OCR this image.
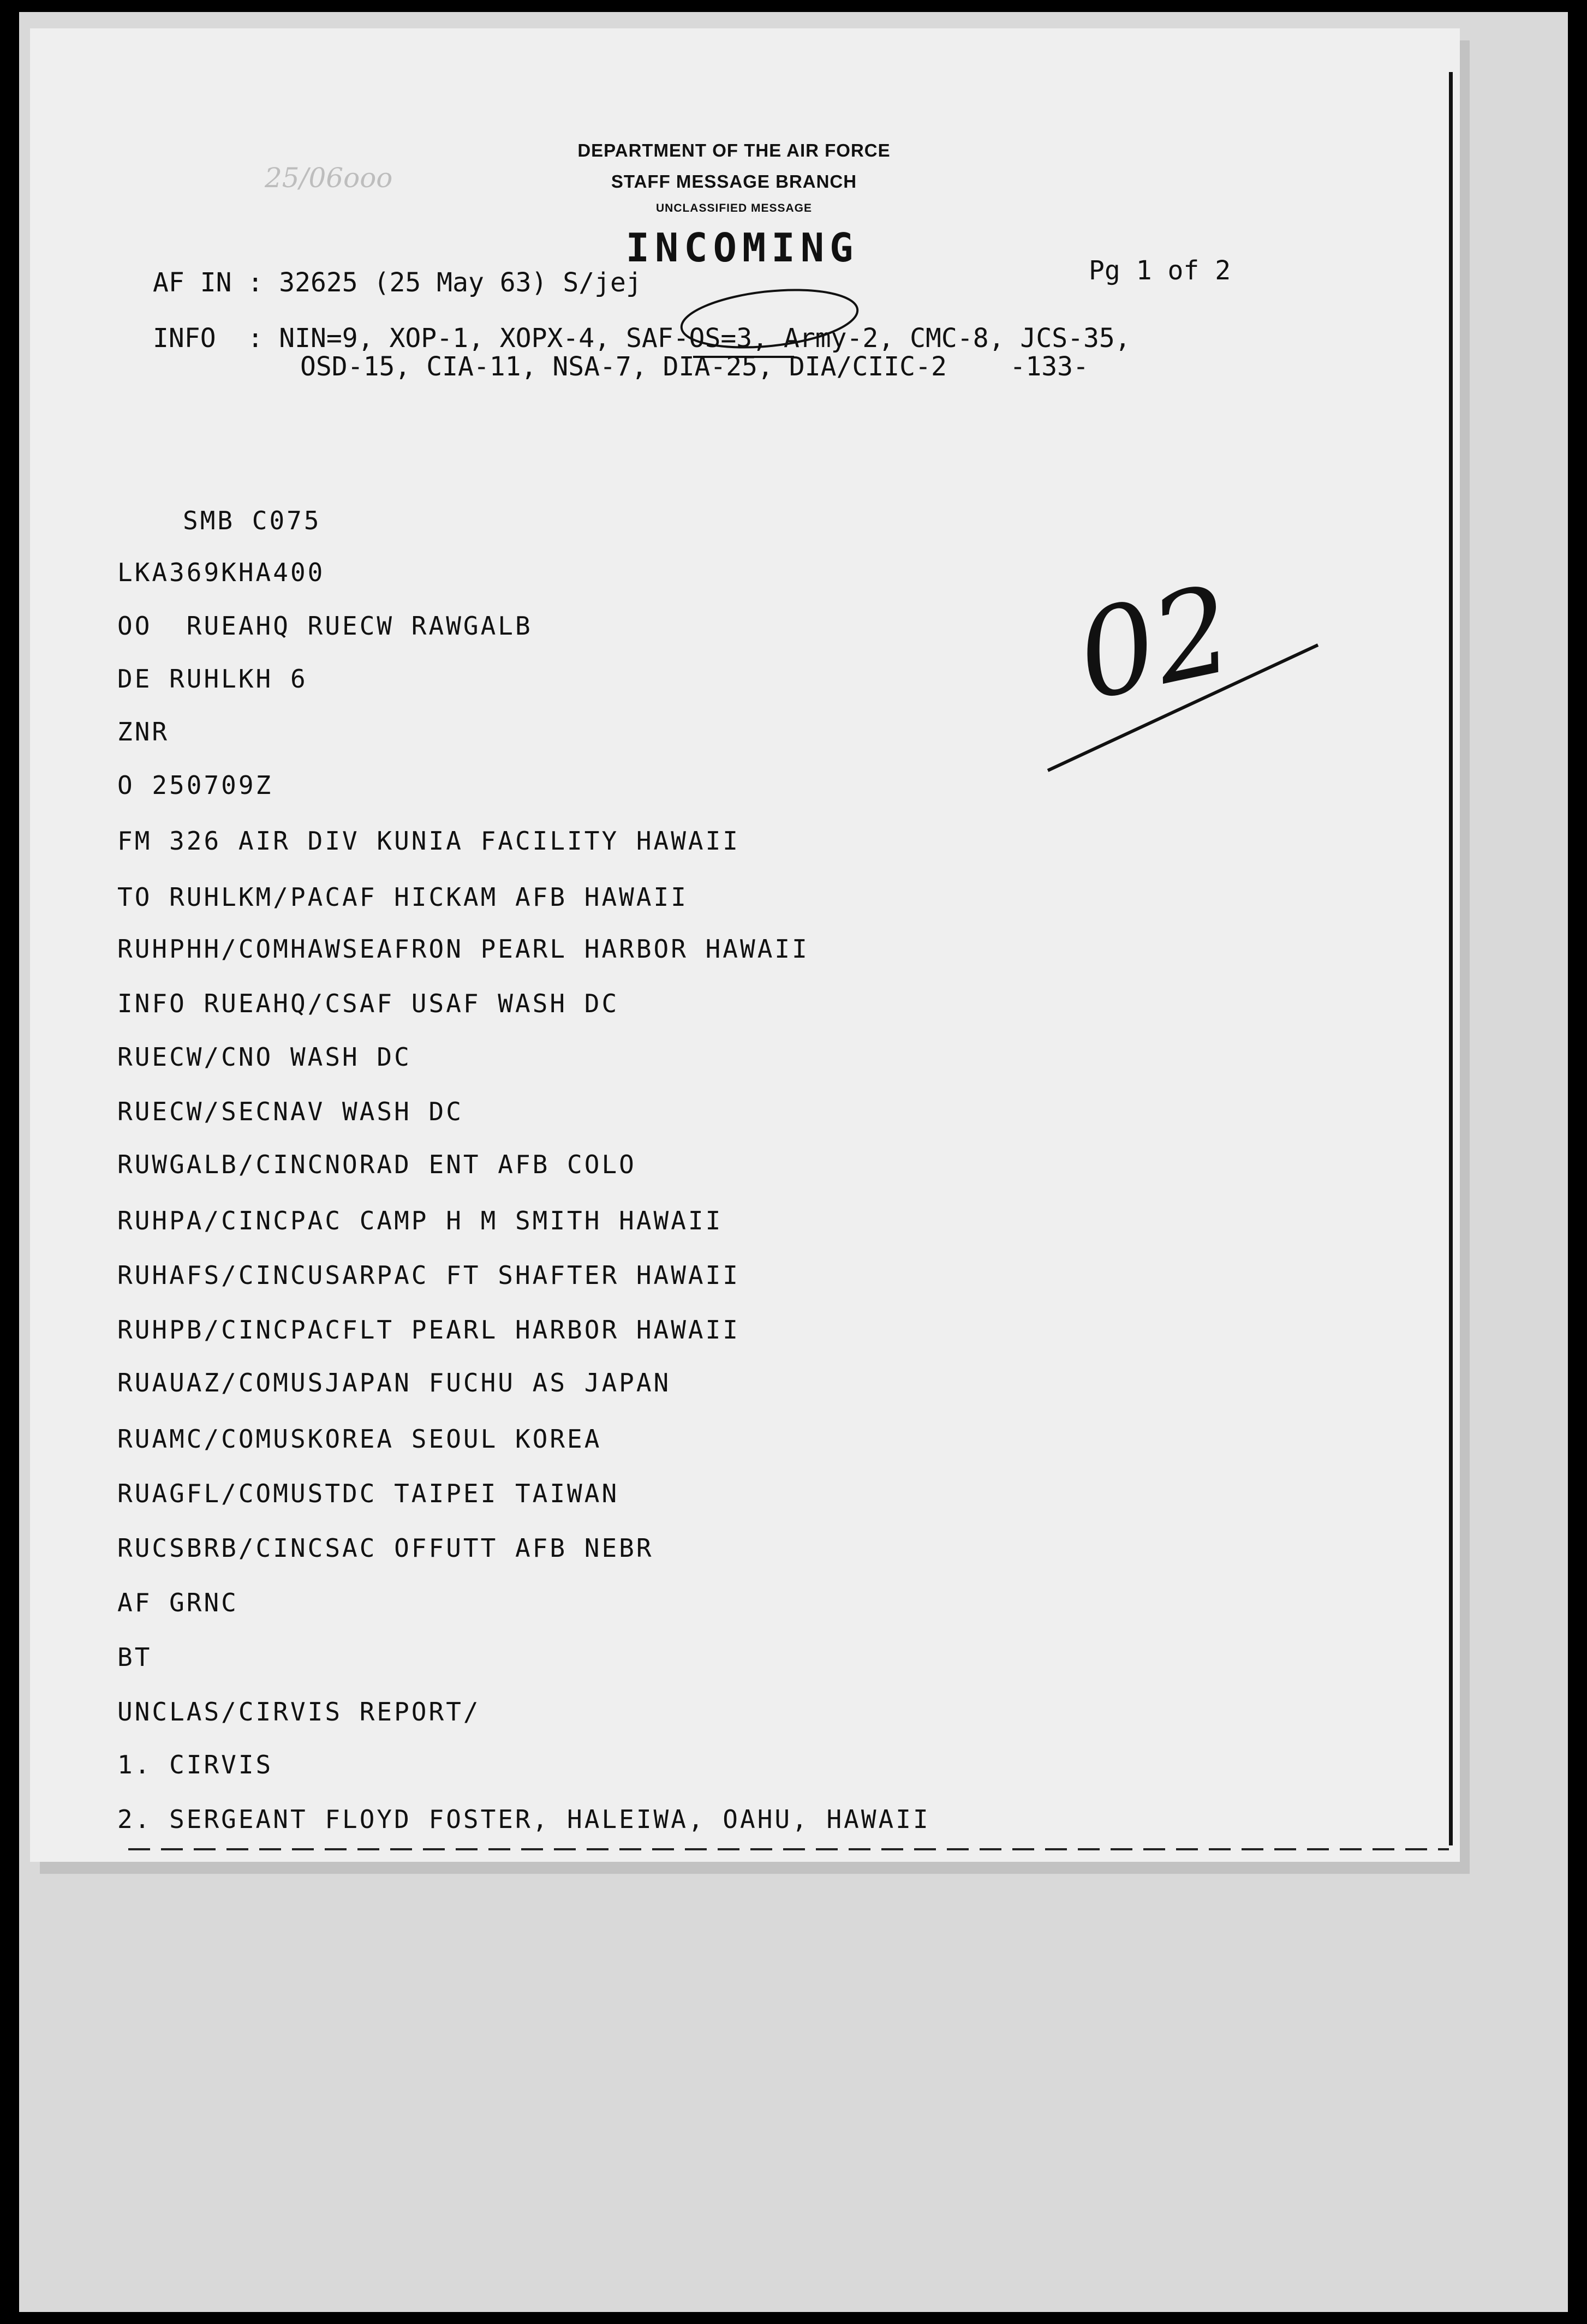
25/06ooo
DEPARTMENT OF THE AIR FORCE
STAFF MESSAGE BRANCH
UNCLASSIFIED MESSAGE
INCOMING
AF IN : 32625 (25 May 63) S/jej	Pg 1 of 2
INFO  : NIN=9, XOP-1, XOPX-4, SAF-OS=3, Army-2, CMC-8, JCS-35,
OSD-15, CIA-11, NSA-7, DIA-25, DIA/CIIC-2    -133-
SMB C075
LKA369KHA400
OO  RUEAHQ RUECW RAWGALB
DE RUHLKH 6
ZNR
O 250709Z
FM 326 AIR DIV KUNIA FACILITY HAWAII
TO RUHLKM/PACAF HICKAM AFB HAWAII
RUHPHH/COMHAWSEAFRON PEARL HARBOR HAWAII
INFO RUEAHQ/CSAF USAF WASH DC
RUECW/CNO WASH DC
RUECW/SECNAV WASH DC
RUWGALB/CINCNORAD ENT AFB COLO
RUHPA/CINCPAC CAMP H M SMITH HAWAII
RUHAFS/CINCUSARPAC FT SHAFTER HAWAII
RUHPB/CINCPACFLT PEARL HARBOR HAWAII
RUAUAZ/COMUSJAPAN FUCHU AS JAPAN
RUAMC/COMUSKOREA SEOUL KOREA
RUAGFL/COMUSTDC TAIPEI TAIWAN
RUCSBRB/CINCSAC OFFUTT AFB NEBR
AF GRNC
BT
UNCLAS/CIRVIS REPORT/
1. CIRVIS
2. SERGEANT FLOYD FOSTER, HALEIWA, OAHU, HAWAII
02
